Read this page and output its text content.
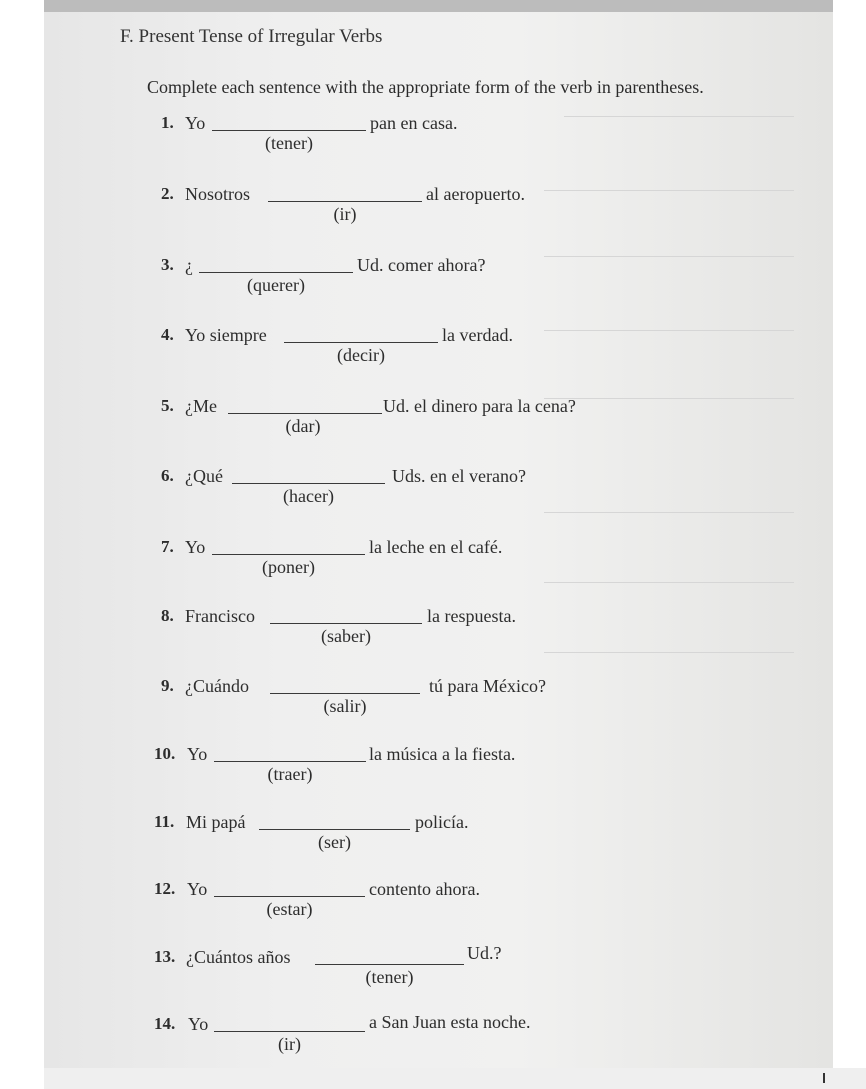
F. Present Tense of Irregular Verbs
Complete each sentence with the appropriate form of the verb in parentheses.
1. Yo	pan en casa.
(tener)
2. Nosotros	al aeropuerto.
(ir)
3. ¿	Ud. comer ahora?
(querer)
4. Yo siempre	la verdad.
(decir)
5. ¿Me	Ud. el dinero para la cena?
(dar)
6. ¿Qué	Uds. en el verano?
(hacer)
7. Yo	la leche en el café.
(poner)
8. Francisco	la respuesta.
(saber)
9. ¿Cuándo	tú para México?
(salir)
10. Yo	la música a la fiesta.
(traer)
11. Mi papá	policía.
(ser)
12. Yo	contento ahora.
(estar)
13. ¿Cuántos años	Ud.?
(tener)
14. Yo	a San Juan esta noche.
(ir)
